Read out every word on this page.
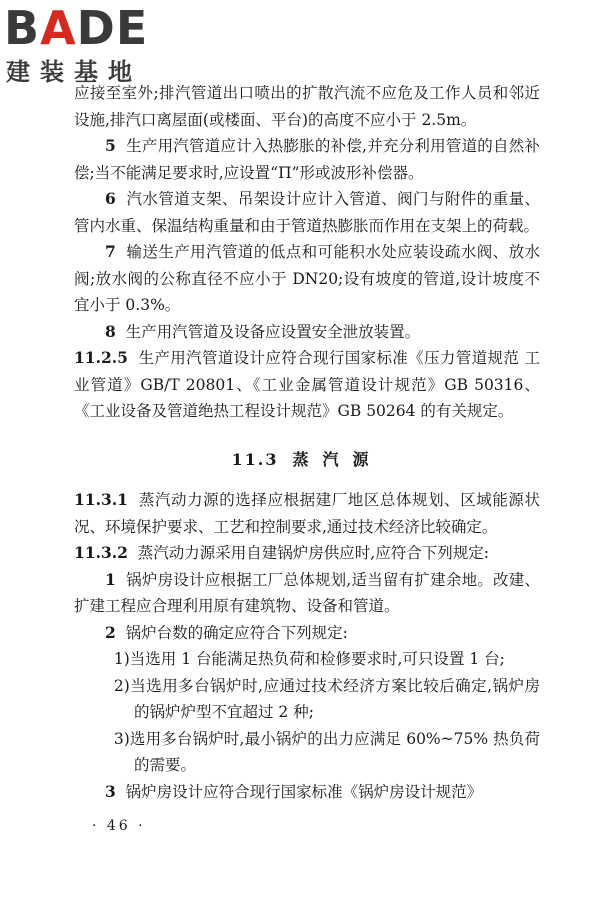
BADE
建装基地

应接至室外;排汽管道出口喷出的扩散汽流不应危及工作人员和邻近设施,排汽口离屋面(或楼面、平台)的高度不应小于 2.5m。

5 生产用汽管道应计入热膨胀的补偿,并充分利用管道的自然补偿;当不能满足要求时,应设置“Π”形或波形补偿器。

6 汽水管道支架、吊架设计应计入管道、阀门与附件的重量、管内水重、保温结构重量和由于管道热膨胀而作用在支架上的荷载。

7 输送生产用汽管道的低点和可能积水处应装设疏水阀、放水阀;放水阀的公称直径不应小于 DN20;设有坡度的管道,设计坡度不宜小于 0.3%。

8 生产用汽管道及设备应设置安全泄放装置。

11.2.5 生产用汽管道设计应符合现行国家标准《压力管道规范 工业管道》GB/T 20801、《工业金属管道设计规范》GB 50316、《工业设备及管道绝热工程设计规范》GB 50264 的有关规定。

11.3 蒸汽源

11.3.1 蒸汽动力源的选择应根据建厂地区总体规划、区域能源状况、环境保护要求、工艺和控制要求,通过技术经济比较确定。

11.3.2 蒸汽动力源采用自建锅炉房供应时,应符合下列规定:

1 锅炉房设计应根据工厂总体规划,适当留有扩建余地。改建、扩建工程应合理利用原有建筑物、设备和管道。

2 锅炉台数的确定应符合下列规定:

1)当选用 1 台能满足热负荷和检修要求时,可只设置 1 台;

2)当选用多台锅炉时,应通过技术经济方案比较后确定,锅炉房的锅炉炉型不宜超过 2 种;

3)选用多台锅炉时,最小锅炉的出力应满足 60%~75% 热负荷的需要。

3 锅炉房设计应符合现行国家标准《锅炉房设计规范》

· 46 ·
